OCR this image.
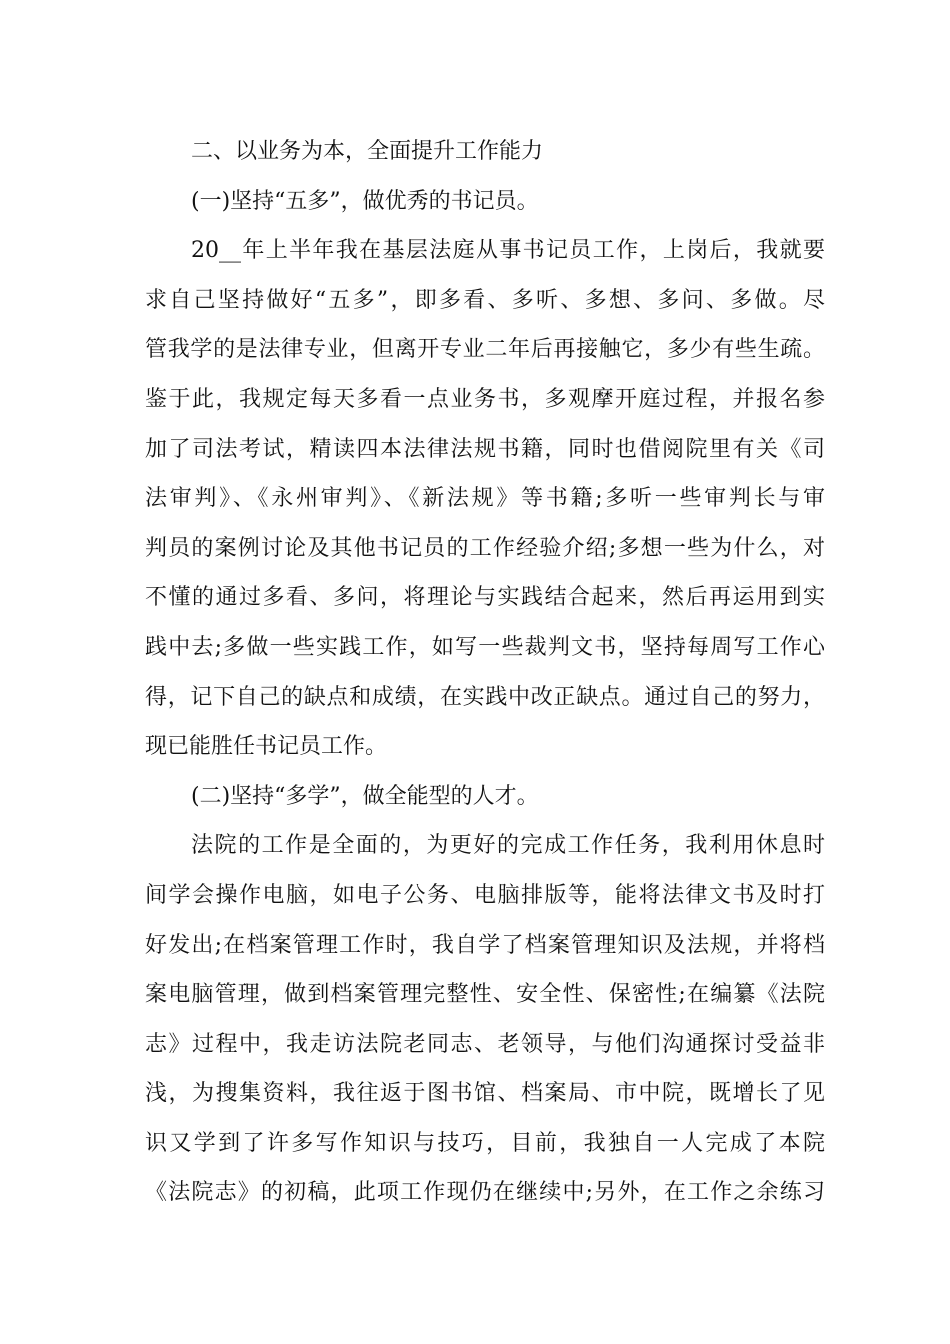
二、以业务为本，全面提升工作能力
(一)坚持“五多”，做优秀的书记员。
20__年上半年我在基层法庭从事书记员工作，上岗后，我就要
求自己坚持做好“五多”，即多看、多听、多想、多问、多做。尽
管我学的是法律专业，但离开专业二年后再接触它，多少有些生疏。
鉴于此，我规定每天多看一点业务书，多观摩开庭过程，并报名参
加了司法考试，精读四本法律法规书籍，同时也借阅院里有关《司
法审判》、《永州审判》、《新法规》等书籍;多听一些审判长与审
判员的案例讨论及其他书记员的工作经验介绍;多想一些为什么，对
不懂的通过多看、多问，将理论与实践结合起来，然后再运用到实
践中去;多做一些实践工作，如写一些裁判文书，坚持每周写工作心
得，记下自己的缺点和成绩，在实践中改正缺点。通过自己的努力，
现已能胜任书记员工作。
(二)坚持“多学”，做全能型的人才。
法院的工作是全面的，为更好的完成工作任务，我利用休息时
间学会操作电脑，如电子公务、电脑排版等，能将法律文书及时打
好发出;在档案管理工作时，我自学了档案管理知识及法规，并将档
案电脑管理，做到档案管理完整性、安全性、保密性;在编纂《法院
志》过程中，我走访法院老同志、老领导，与他们沟通探讨受益非
浅，为搜集资料，我往返于图书馆、档案局、市中院，既增长了见
识又学到了许多写作知识与技巧，目前，我独自一人完成了本院
《法院志》的初稿，此项工作现仍在继续中;另外，在工作之余练习
